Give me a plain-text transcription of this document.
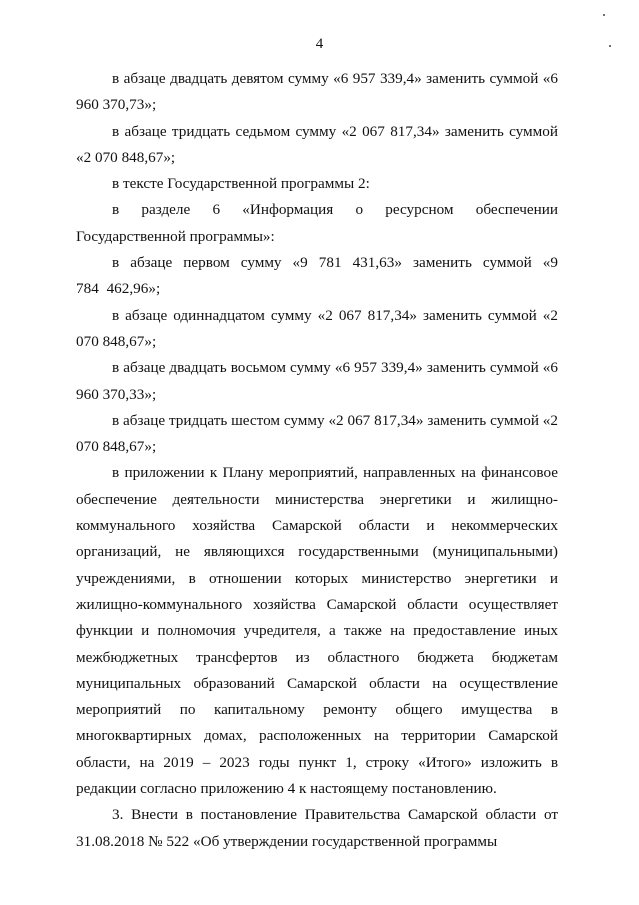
4

в абзаце двадцать девятом сумму «6 957 339,4» заменить суммой «6 960 370,73»;

в абзаце тридцать седьмом сумму «2 067 817,34» заменить суммой «2 070 848,67»;

в тексте Государственной программы 2:

в разделе 6 «Информация о ресурсном обеспечении Государственной программы»:

в абзаце первом сумму «9 781 431,63» заменить суммой «9 784 462,96»;

в абзаце одиннадцатом сумму «2 067 817,34» заменить суммой «2 070 848,67»;

в абзаце двадцать восьмом сумму «6 957 339,4» заменить суммой «6 960 370,33»;

в абзаце тридцать шестом сумму «2 067 817,34» заменить суммой «2 070 848,67»;

в приложении к Плану мероприятий, направленных на финансовое обеспечение деятельности министерства энергетики и жилищно-коммунального хозяйства Самарской области и некоммерческих организаций, не являющихся государственными (муниципальными) учреждениями, в отношении которых министерство энергетики и жилищно-коммунального хозяйства Самарской области осуществляет функции и полномочия учредителя, а также на предоставление иных межбюджетных трансфертов из областного бюджета бюджетам муниципальных образований Самарской области на осуществление мероприятий по капитальному ремонту общего имущества в многоквартирных домах, расположенных на территории Самарской области, на 2019 – 2023 годы пункт 1, строку «Итого» изложить в редакции согласно приложению 4 к настоящему постановлению.

3. Внести в постановление Правительства Самарской области от 31.08.2018 № 522 «Об утверждении государственной программы
